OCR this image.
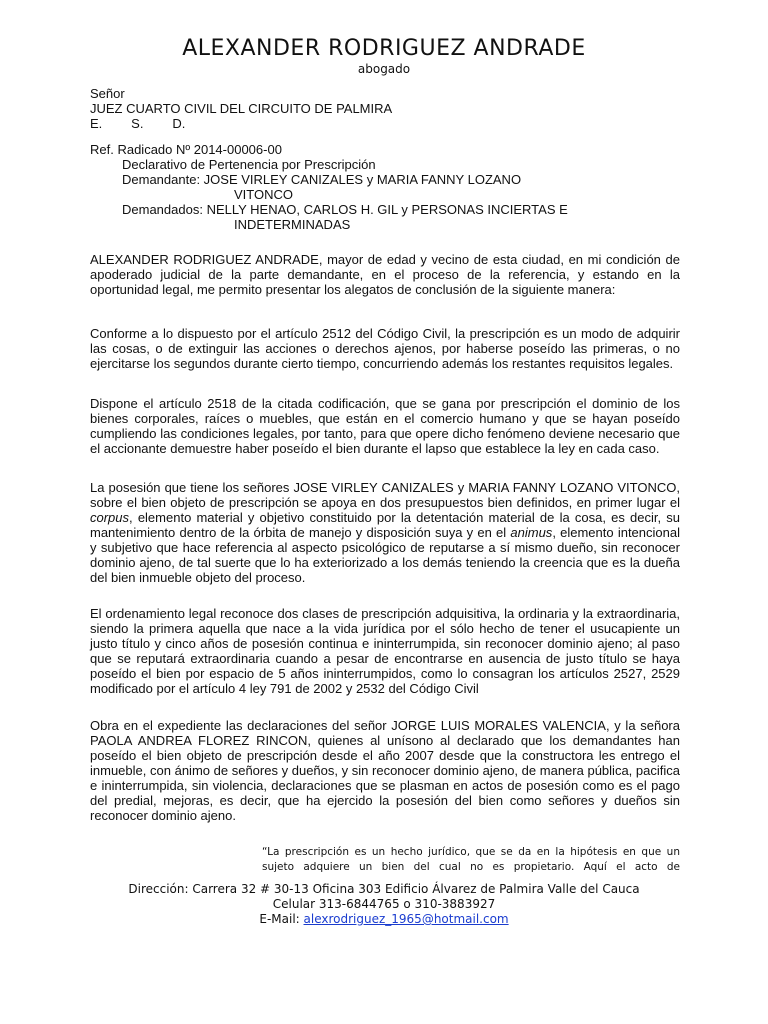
ALEXANDER RODRIGUEZ ANDRADE
abogado
Señor
JUEZ CUARTO CIVIL DEL CIRCUITO DE PALMIRA
E.        S.        D.
Ref. Radicado Nº 2014-00006-00
Declarativo de Pertenencia por Prescripción
Demandante: JOSE VIRLEY CANIZALES y MARIA FANNY LOZANO
VITONCO
Demandados: NELLY HENAO, CARLOS H. GIL y PERSONAS INCIERTAS E
INDETERMINADAS
ALEXANDER RODRIGUEZ ANDRADE, mayor de edad y vecino de esta ciudad, en mi condición de apoderado judicial de la parte demandante, en el proceso de la referencia, y estando en la oportunidad legal, me permito presentar los alegatos de conclusión de la siguiente manera:
Conforme a lo dispuesto por el artículo 2512 del Código Civil, la prescripción es un modo de adquirir las cosas, o de extinguir las acciones o derechos ajenos, por haberse poseído las primeras, o no ejercitarse los segundos durante cierto tiempo, concurriendo además los restantes requisitos legales.
Dispone el artículo 2518 de la citada codificación, que se gana por prescripción el dominio de los bienes corporales, raíces o muebles, que están en el comercio humano y que se hayan poseído cumpliendo las condiciones legales, por tanto, para que opere dicho fenómeno deviene necesario que el accionante demuestre haber poseído el bien durante el lapso que establece la ley en cada caso.
La posesión que tiene los señores JOSE VIRLEY CANIZALES y MARIA FANNY LOZANO VITONCO, sobre el bien objeto de prescripción se apoya en dos presupuestos bien definidos, en primer lugar el corpus, elemento material y objetivo constituido por la detentación material de la cosa, es decir, su mantenimiento dentro de la órbita de manejo y disposición suya y en el animus, elemento intencional y subjetivo que hace referencia al aspecto psicológico de reputarse a sí mismo dueño, sin reconocer dominio ajeno, de tal suerte que lo ha exteriorizado a los demás teniendo la creencia que es la dueña del bien inmueble objeto del proceso.
El ordenamiento legal reconoce dos clases de prescripción adquisitiva, la ordinaria y la extraordinaria, siendo la primera aquella que nace a la vida jurídica por el sólo hecho de tener el usucapiente un justo título y cinco años de posesión continua e ininterrumpida, sin reconocer dominio ajeno; al paso que se reputará extraordinaria cuando a pesar de encontrarse en ausencia de justo título se haya poseído el bien por espacio de 5 años ininterrumpidos, como lo consagran los artículos 2527, 2529 modificado por el artículo 4 ley 791 de 2002 y 2532 del Código Civil
Obra en el expediente las declaraciones del señor JORGE LUIS MORALES VALENCIA, y la señora PAOLA ANDREA FLOREZ RINCON, quienes al unísono al declarado que los demandantes han poseído el bien objeto de prescripción desde el año 2007 desde que la constructora les entrego el inmueble, con ánimo de señores y dueños, y sin reconocer dominio ajeno, de manera pública, pacifica e ininterrumpida, sin violencia, declaraciones que se plasman en actos de posesión como es el pago del predial, mejoras, es decir, que ha ejercido la posesión del bien como señores y dueños sin reconocer dominio ajeno.
“La prescripción es un hecho jurídico, que se da en la hipótesis en que un sujeto adquiere un bien del cual no es propietario. Aquí el acto de
Dirección: Carrera 32 # 30-13 Oficina 303 Edificio Álvarez de Palmira Valle del Cauca
Celular 313-6844765 o 310-3883927
E-Mail: alexrodriguez_1965@hotmail.com
